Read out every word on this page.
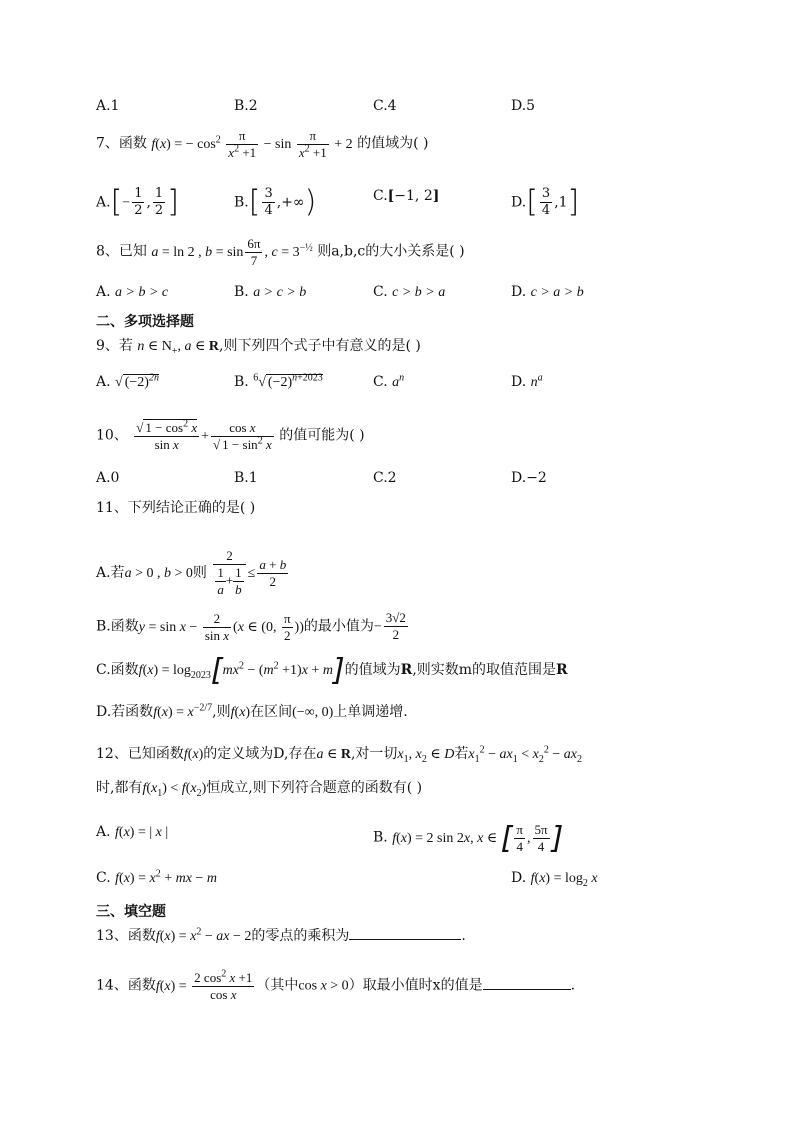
A.1	B.2	C.4	D.5
7、函数 f(x) = − $\cos^2 \frac{\pi}{x^2 +1} - \sin \frac{\pi}{x^2 +1} + 2$ 的值域为( )
$A.[- \frac{1}{2}$ , $\frac{1}{2}$ ]	$B.[ \frac{3}{4}$ ,+∞)	C.[−1, 2]	$D.[ \frac{3}{4} ,1]$
8、已知 a = ln 2 , $b = \sin \frac{6\pi}{7}$ , $c = 3^{-\frac{1}{2}}$ 则a,b,c的大小关系是( )
A. a > b > c	B. a > c > b	C. c > b > a	D. c > a > b
二、多项选择题
9、若 n ∈ $N_+$, a ∈ R,则下列四个式子中有意义的是( )
A. √ $(-2)^{2n}$	B. $^6$√ $(-2)^{n+2023}$	C. $a^n$	D. $n^a$
10、 $\frac{√ 1 - \cos^2 x}{\text{sin x}} + \frac{\text{cos x}}{√ 1 - \sin^2 x}$ 的值可能为( )
A.0	B.1	C.2	D.−2
11、下列结论正确的是( )
A.若a > 0 , b > 0则 $\frac{2}{\frac{1}{a} + \frac{1}{b}} \le \frac{a + b}{2}$
B.函数$y = \sin x - \frac{2}{\text{sin x}} (x$ ∈ (0, $\frac{\pi}{2}$ ))的最小值为− $\frac{3√2}{2}$
C.函数$f(x) = \log_{2023}[mx^2 - (m^2 +1)x + m]$的值域为R,则实数m的取值范围是R
D.若函数$f(x) = x^{-2/7}$,则f(x)在区间(−∞, 0)上单调递增.
12、已知函数f(x)的定义域为D,存在a ∈ R,对一切$x_1$, $x_2$ ∈ D若$x_1^2 - ax_1 < x_2^2 - ax_2$
时,都有$f(x_1) < f(x_2)$恒成立,则下列符合题意的函数有( )
A. f(x) = | x |	B. f(x) = 2 sin 2x, x ∈ [ $\frac{\pi}{4}$ , $\frac{5\pi}{4}$ ]
C. $f(x) = x^2$ + mx − m	D. $f(x) = \log_2 x$
三、填空题
13、函数$f(x) = x^2$ − ax − 2的零点的乘积为	.
14、函数$f(x) = \frac{2 \cos^2 x +1}{\text{cos x}}$ （其中cos x > 0）取最小值时x的值是	.
